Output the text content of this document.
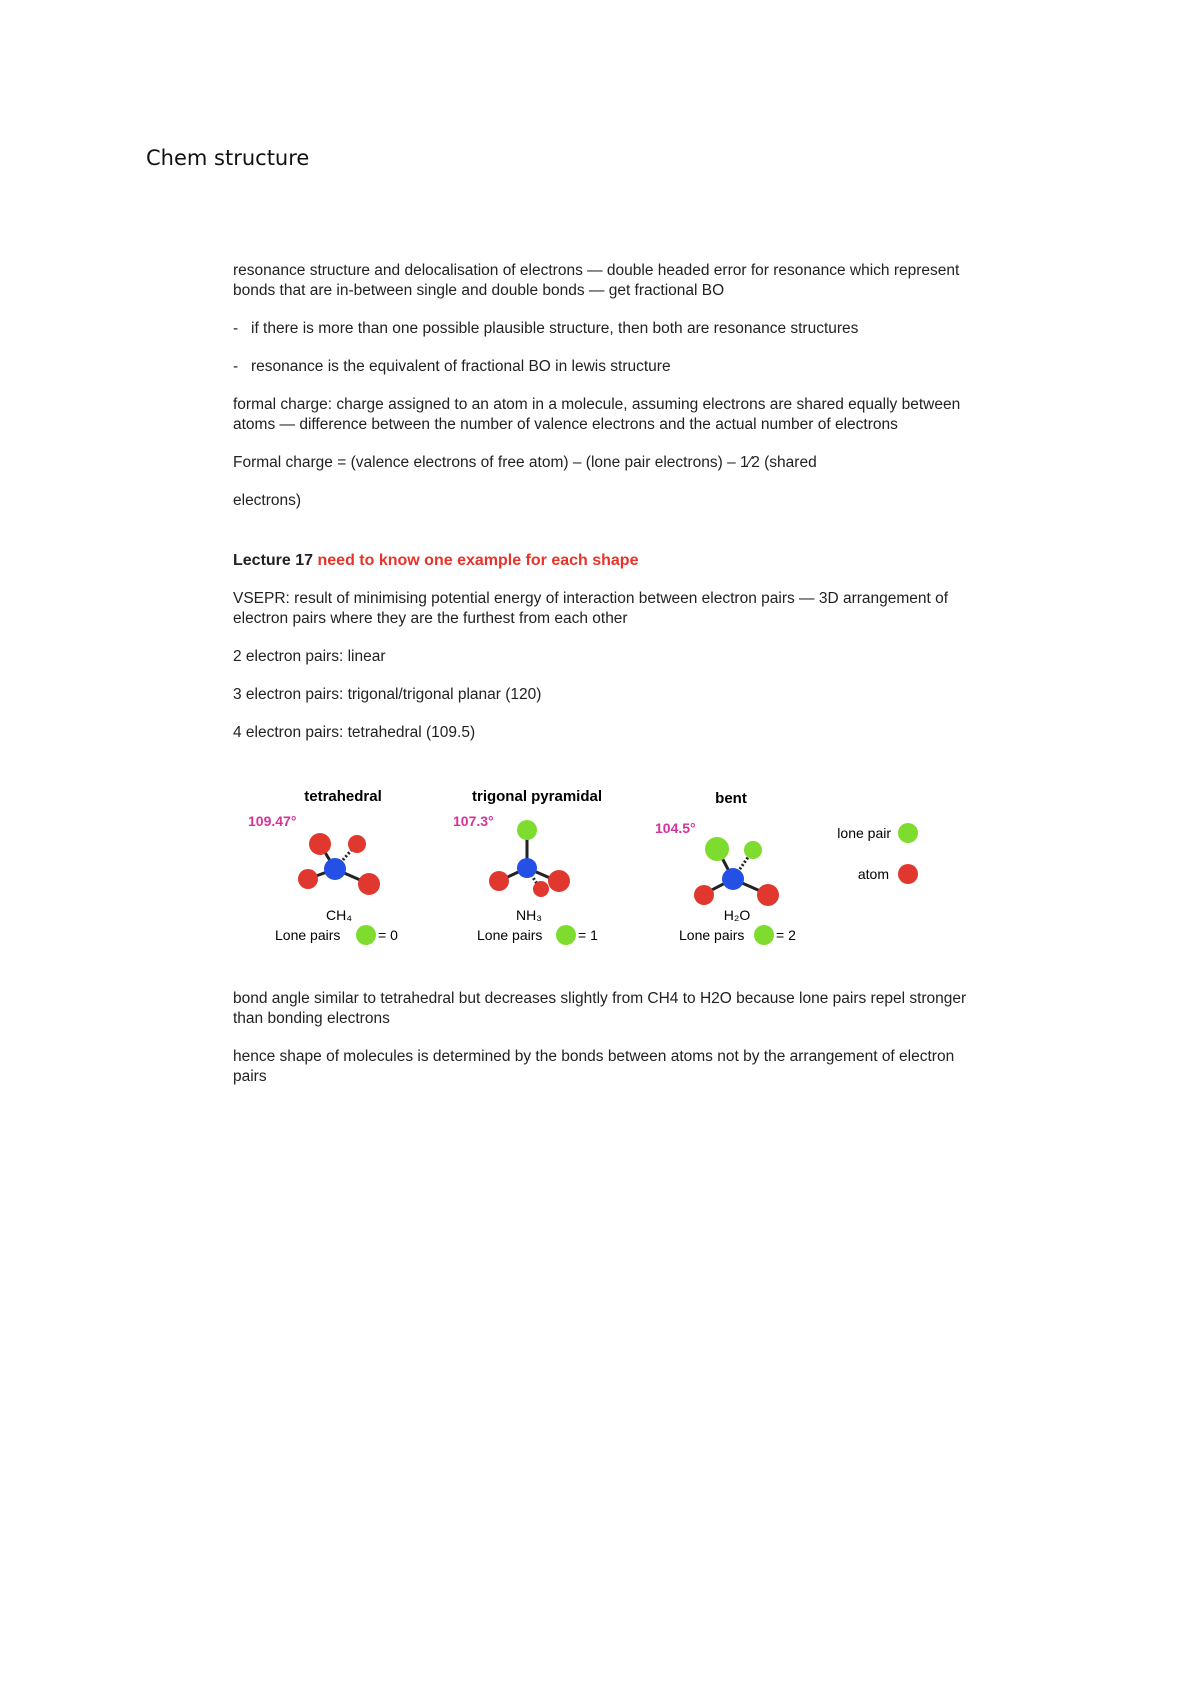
Chem structure

resonance structure and delocalisation of electrons — double headed error for resonance which represent bonds that are in-between single and double bonds — get fractional BO

- if there is more than one possible plausible structure, then both are resonance structures
- resonance is the equivalent of fractional BO in lewis structure

formal charge: charge assigned to an atom in a molecule, assuming electrons are shared equally between atoms — difference between the number of valence electrons and the actual number of electrons

Formal charge = (valence electrons of free atom) – (lone pair electrons) – 1⁄2 (shared

electrons)

Lecture 17 need to know one example for each shape

VSEPR: result of minimising potential energy of interaction between electron pairs — 3D arrangement of electron pairs where they are the furthest from each other

2 electron pairs: linear

3 electron pairs: trigonal/trigonal planar (120)

4 electron pairs: tetrahedral (109.5)

tetrahedral
109.47°
CH₄
Lone pairs	= 0
trigonal pyramidal
107.3°
NH₃
Lone pairs	= 1
bent
104.5°
H₂O
Lone pairs = 2
lone pair
atom

bond angle similar to tetrahedral but decreases slightly from CH4 to H2O because lone pairs repel stronger than bonding electrons

hence shape of molecules is determined by the bonds between atoms not by the arrangement of electron pairs
